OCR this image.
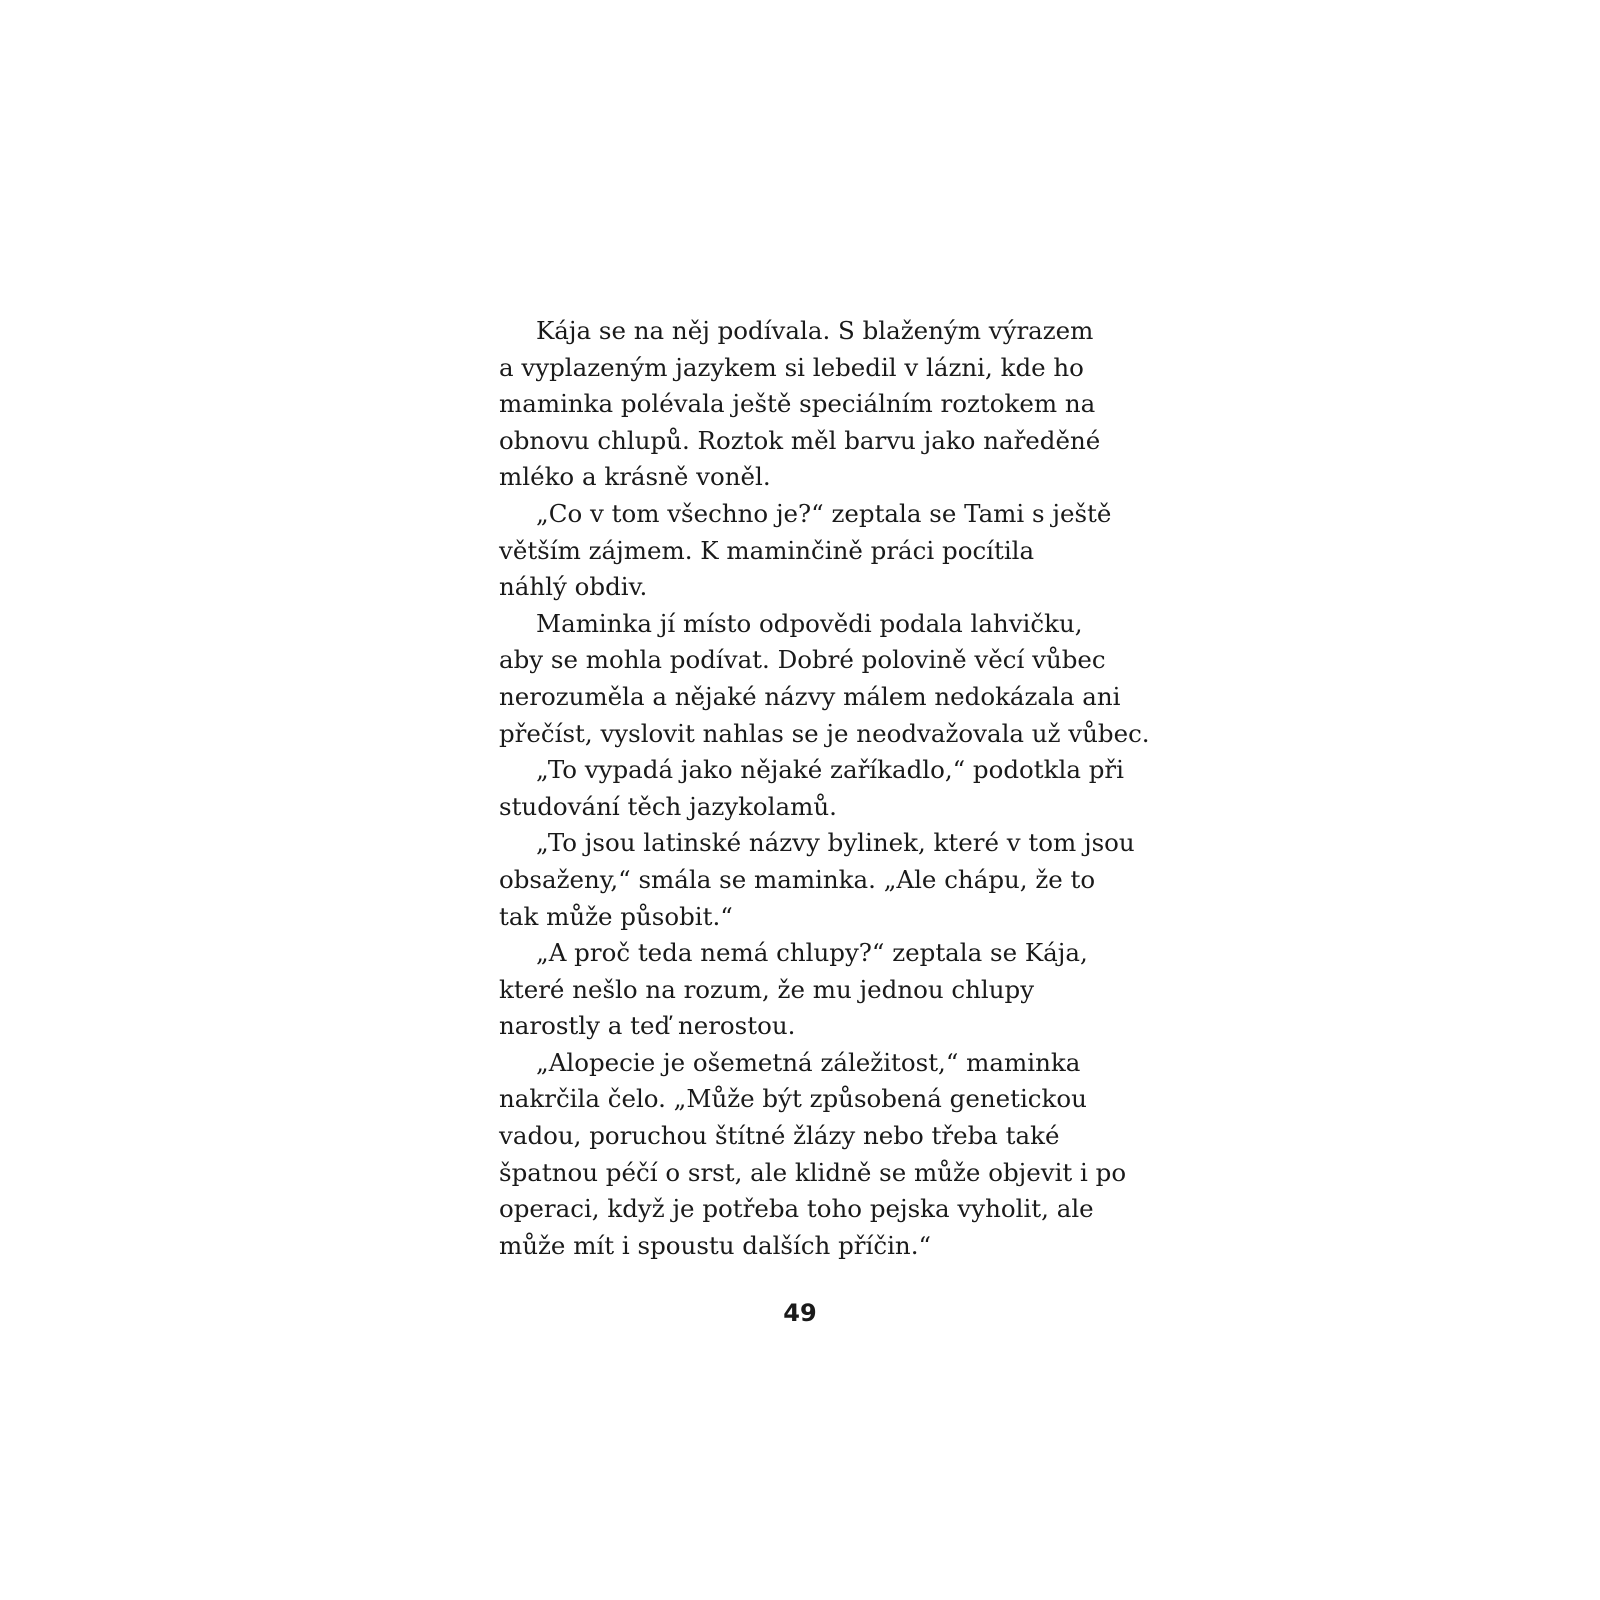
Kája se na něj podívala. S blaženým výrazem
a vyplazeným jazykem si lebedil v lázni, kde ho
maminka polévala ještě speciálním roztokem na
obnovu chlupů. Roztok měl barvu jako naředěné
mléko a krásně voněl.
„Co v tom všechno je?“ zeptala se Tami s ještě
větším zájmem. K maminčině práci pocítila
náhlý obdiv.
Maminka jí místo odpovědi podala lahvičku,
aby se mohla podívat. Dobré polovině věcí vůbec
nerozuměla a nějaké názvy málem nedokázala ani
přečíst, vyslovit nahlas se je neodvažovala už vůbec.
„To vypadá jako nějaké zaříkadlo,“ podotkla při
studování těch jazykolamů.
„To jsou latinské názvy bylinek, které v tom jsou
obsaženy,“ smála se maminka. „Ale chápu, že to
tak může působit.“
„A proč teda nemá chlupy?“ zeptala se Kája,
které nešlo na rozum, že mu jednou chlupy
narostly a teď nerostou.
„Alopecie je ošemetná záležitost,“ maminka
nakrčila čelo. „Může být způsobená genetickou
vadou, poruchou štítné žlázy nebo třeba také
špatnou péčí o srst, ale klidně se může objevit i po
operaci, když je potřeba toho pejska vyholit, ale
může mít i spoustu dalších příčin.“
49
